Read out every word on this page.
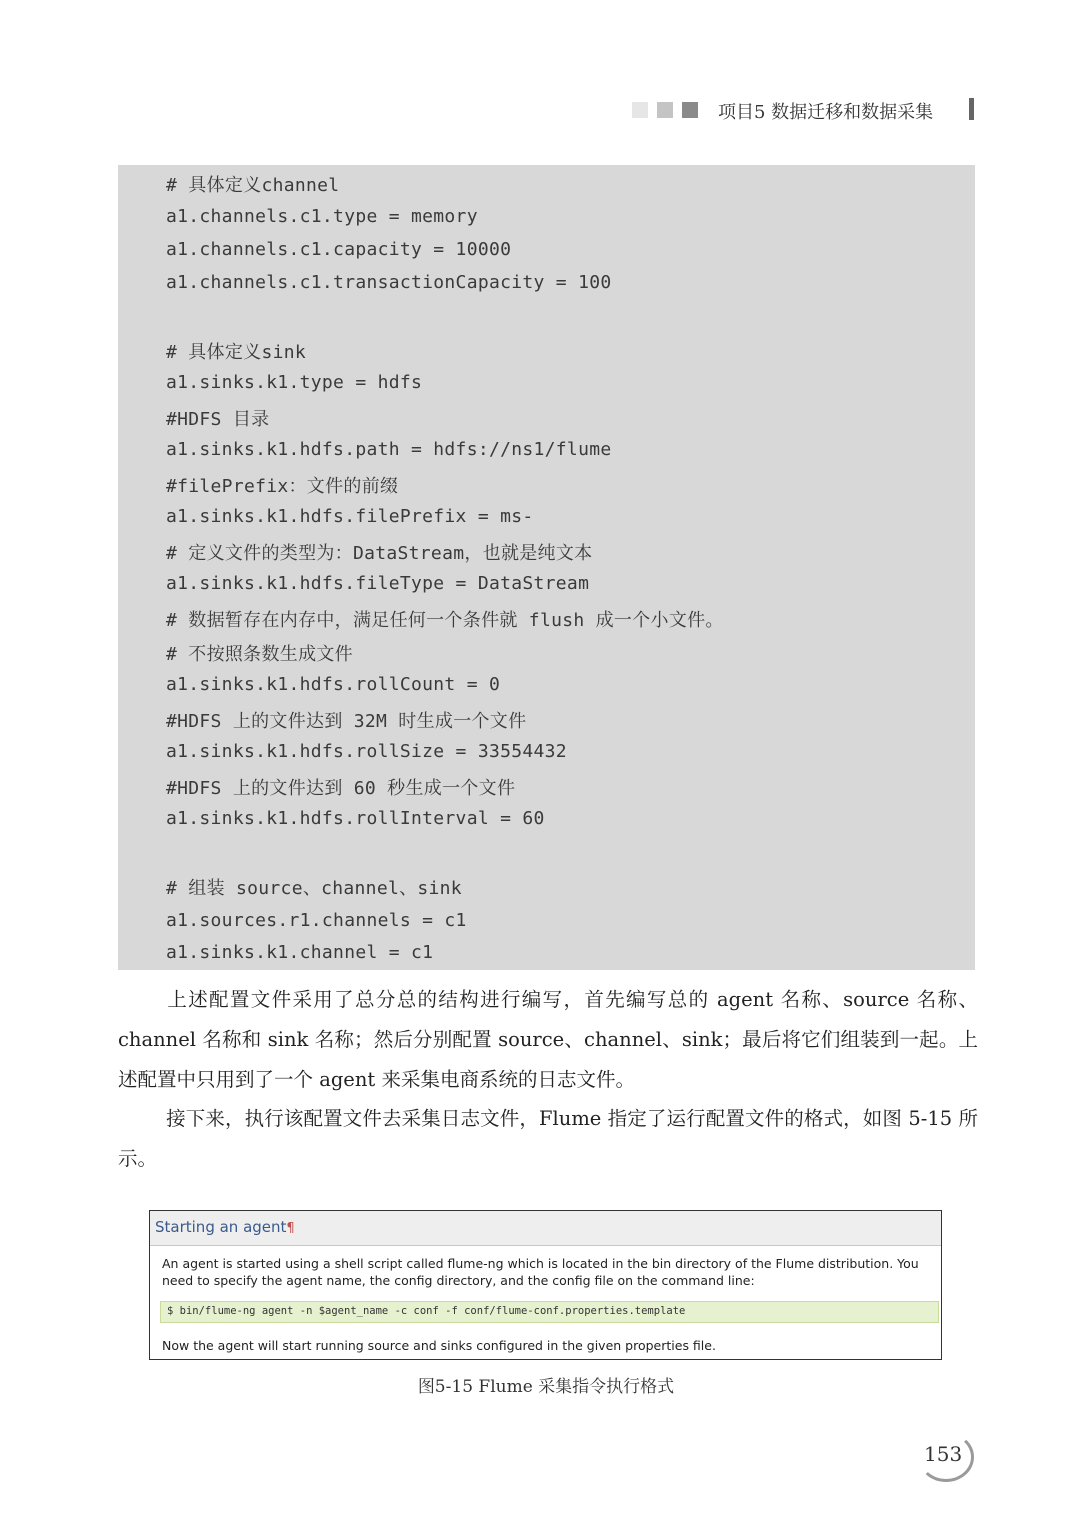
项目5 数据迁移和数据采集
# 具体定义channel
a1.channels.c1.type = memory
a1.channels.c1.capacity = 10000
a1.channels.c1.transactionCapacity = 100
# 具体定义sink
a1.sinks.k1.type = hdfs
#HDFS 目录
a1.sinks.k1.hdfs.path = hdfs://ns1/flume
#filePrefix：文件的前缀
a1.sinks.k1.hdfs.filePrefix = ms-
# 定义文件的类型为：DataStream，也就是纯文本
a1.sinks.k1.hdfs.fileType = DataStream
# 数据暂存在内存中，满足任何一个条件就 flush 成一个小文件。
# 不按照条数生成文件
a1.sinks.k1.hdfs.rollCount = 0
#HDFS 上的文件达到 32M 时生成一个文件
a1.sinks.k1.hdfs.rollSize = 33554432
#HDFS 上的文件达到 60 秒生成一个文件
a1.sinks.k1.hdfs.rollInterval = 60
# 组装 source、channel、sink
a1.sources.r1.channels = c1
a1.sinks.k1.channel = c1

上述配置文件采用了总分总的结构进行编写，首先编写总的 agent 名称、source 名称、channel 名称和 sink 名称；然后分别配置 source、channel、sink；最后将它们组装到一起。上述配置中只用到了一个 agent 来采集电商系统的日志文件。

接下来，执行该配置文件去采集日志文件，Flume 指定了运行配置文件的格式，如图 5-15 所示。

Starting an agent¶
An agent is started using a shell script called flume-ng which is located in the bin directory of the Flume distribution. You need to specify the agent name, the config directory, and the config file on the command line:
$ bin/flume-ng agent -n $agent_name -c conf -f conf/flume-conf.properties.template
Now the agent will start running source and sinks configured in the given properties file.
图5-15 Flume 采集指令执行格式
153
